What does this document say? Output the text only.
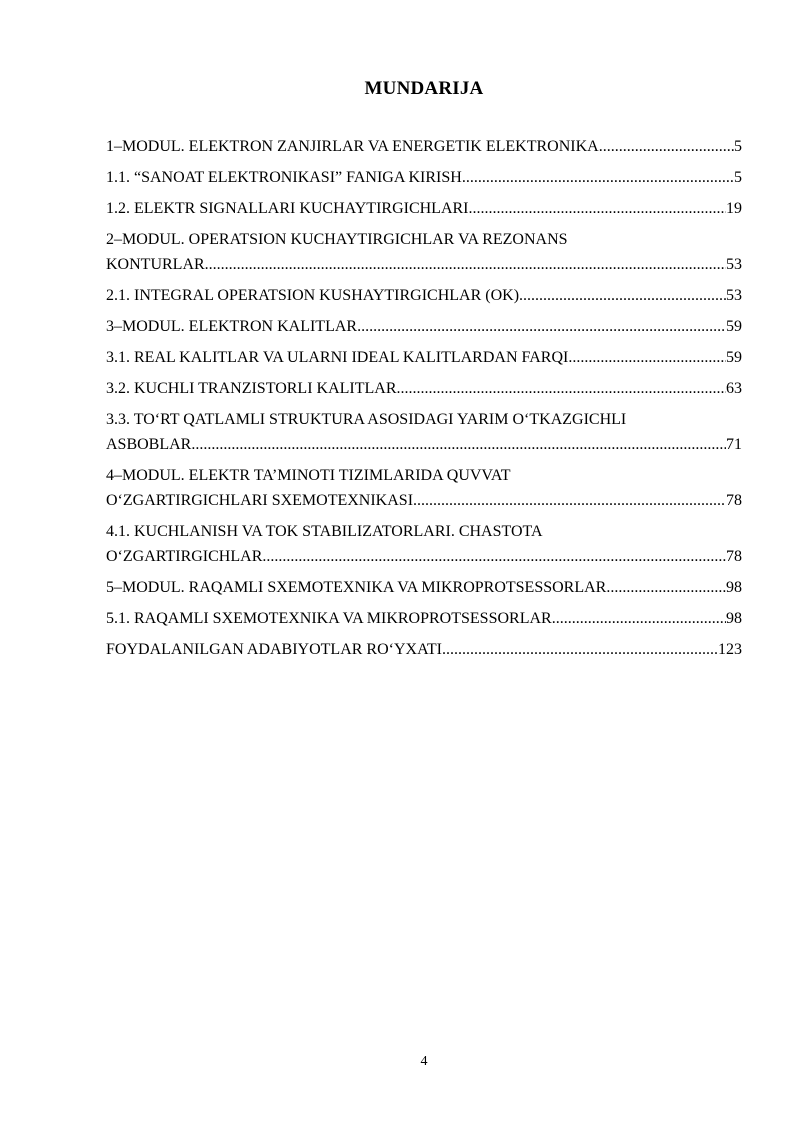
MUNDARIJA
1–MODUL. ELEKTRON ZANJIRLAR VA ENERGETIK ELEKTRONIKA .....	5
1.1. “SANOAT ELEKTRONIKASI” FANIGA KIRISH .....	5
1.2. ELEKTR SIGNALLARI KUCHAYTIRGICHLARI .....	19
2–MODUL. OPERATSION KUCHAYTIRGICHLAR VA REZONANS
KONTURLAR .....	53
2.1. INTEGRAL OPERATSION KUSHAYTIRGICHLAR (OK) .....	53
3–MODUL. ELEKTRON KALITLAR .....	59
3.1. REAL KALITLAR VA ULARNI IDEAL KALITLARDAN FARQI .....	59
3.2. KUCHLI TRANZISTORLI KALITLAR .....	63
3.3. TO‘RT QATLAMLI STRUKTURA ASOSIDAGI YARIM O‘TKAZGICHLI
ASBOBLAR .....	71
4–MODUL. ELEKTR TA’MINOTI TIZIMLARIDA QUVVAT
O‘ZGARTIRGICHLARI SXEMOTEXNIKASI .....	78
4.1. KUCHLANISH VA TOK STABILIZATORLARI. CHASTOTA
O‘ZGARTIRGICHLAR .....	78
5–MODUL. RAQAMLI SXEMOTEXNIKA VA MIKROPROTSESSORLAR .....	98
5.1. RAQAMLI SXEMOTEXNIKA VA MIKROPROTSESSORLAR .....	98
FOYDALANILGAN ADABIYOTLAR RO‘YXATI .....	123
4
